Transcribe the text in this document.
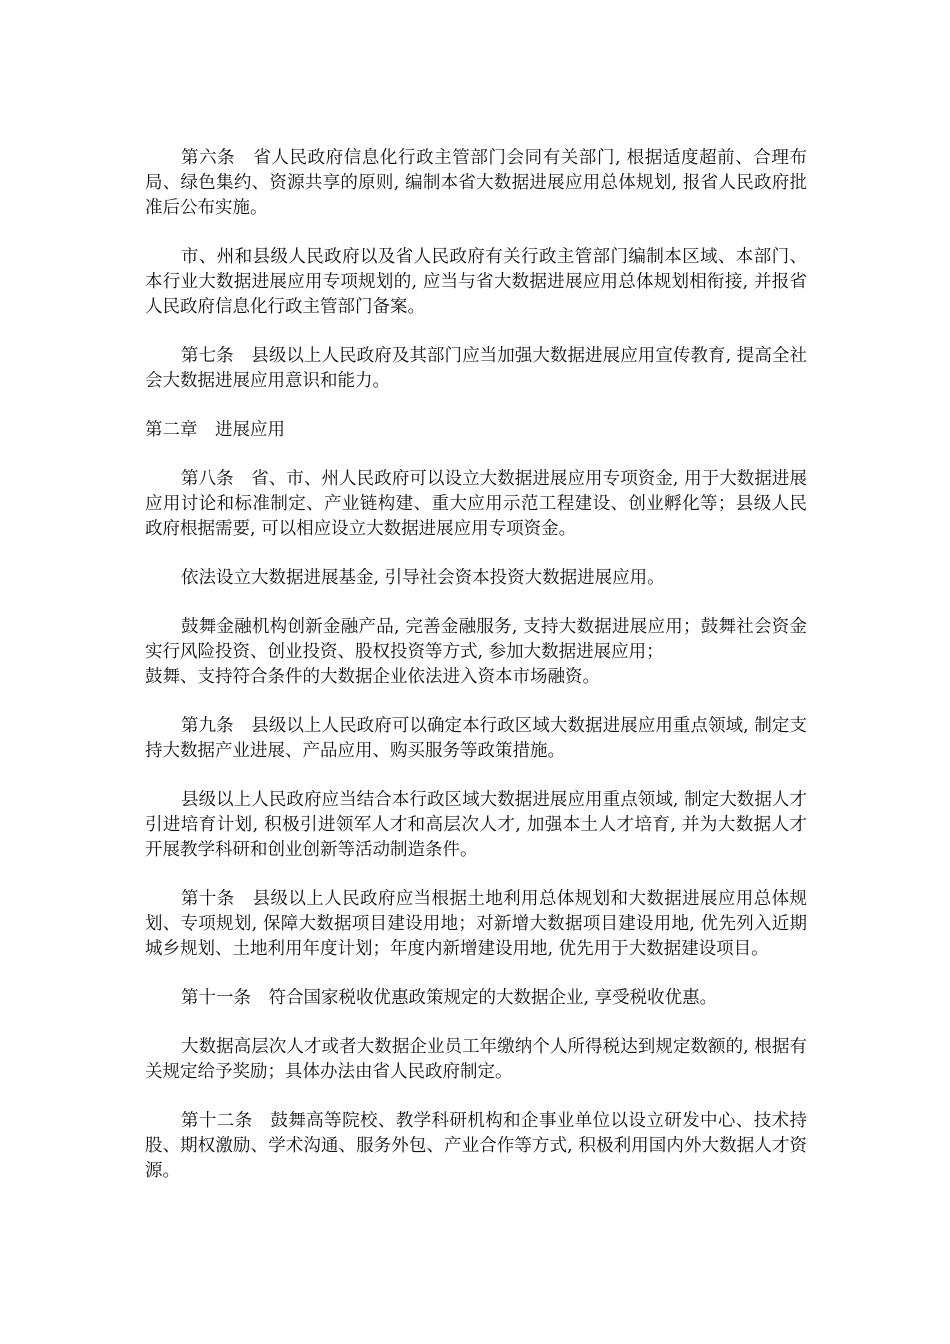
第六条　省人民政府信息化行政主管部门会同有关部门, 根据适度超前、合理布局、绿色集约、资源共享的原则, 编制本省大数据进展应用总体规划, 报省人民政府批准后公布实施。

市、州和县级人民政府以及省人民政府有关行政主管部门编制本区域、本部门、本行业大数据进展应用专项规划的, 应当与省大数据进展应用总体规划相衔接, 并报省人民政府信息化行政主管部门备案。

第七条　县级以上人民政府及其部门应当加强大数据进展应用宣传教育, 提高全社会大数据进展应用意识和能力。

第二章　进展应用

第八条　省、市、州人民政府可以设立大数据进展应用专项资金, 用于大数据进展应用讨论和标准制定、产业链构建、重大应用示范工程建设、创业孵化等；县级人民政府根据需要, 可以相应设立大数据进展应用专项资金。

依法设立大数据进展基金, 引导社会资本投资大数据进展应用。

鼓舞金融机构创新金融产品, 完善金融服务, 支持大数据进展应用；鼓舞社会资金实行风险投资、创业投资、股权投资等方式, 参加大数据进展应用；
鼓舞、支持符合条件的大数据企业依法进入资本市场融资。

第九条　县级以上人民政府可以确定本行政区域大数据进展应用重点领域, 制定支持大数据产业进展、产品应用、购买服务等政策措施。

县级以上人民政府应当结合本行政区域大数据进展应用重点领域, 制定大数据人才引进培育计划, 积极引进领军人才和高层次人才, 加强本土人才培育, 并为大数据人才开展教学科研和创业创新等活动制造条件。

第十条　县级以上人民政府应当根据土地利用总体规划和大数据进展应用总体规划、专项规划, 保障大数据项目建设用地；对新增大数据项目建设用地, 优先列入近期城乡规划、土地利用年度计划；年度内新增建设用地, 优先用于大数据建设项目。

第十一条　符合国家税收优惠政策规定的大数据企业, 享受税收优惠。

大数据高层次人才或者大数据企业员工年缴纳个人所得税达到规定数额的, 根据有关规定给予奖励；具体办法由省人民政府制定。

第十二条　鼓舞高等院校、教学科研机构和企事业单位以设立研发中心、技术持股、期权激励、学术沟通、服务外包、产业合作等方式, 积极利用国内外大数据人才资源。
